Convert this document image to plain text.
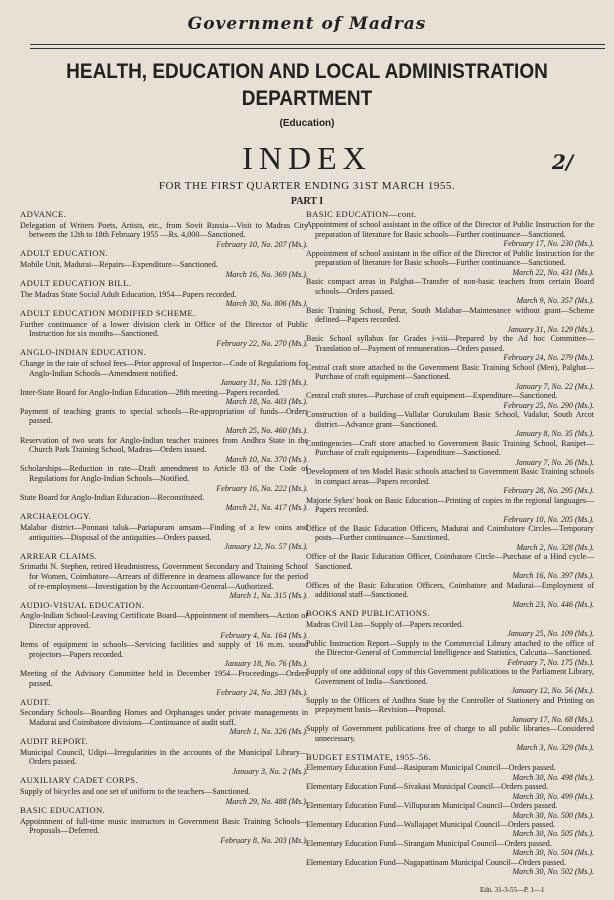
Government of Madras
HEALTH, EDUCATION AND LOCAL ADMINISTRATION
DEPARTMENT
(Education)
INDEX	2/
FOR THE FIRST QUARTER ENDING 31ST MARCH 1955.
PART I
ADVANCE.
Delegation of Writers Poets, Artists, etc., from Sovit Russia—Visit to Madras City between the 12th to 18th February 1955 —Rs. 4,000—Sanctioned.
February 10, No. 207 (Ms.).
ADULT EDUCATION.
Mobile Unit, Madurai—Repairs—Expenditure—Sanctioned.
March 16, No. 369 (Ms.).
ADULT EDUCATION BILL.
The Madras State Social Adult Education, 1954—Papers recorded.
March 30, No. 806 (Ms.).
ADULT EDUCATION MODIFIED SCHEME.
Further continuance of a lower division clerk in Office of the Director of Public Instruction for six months—Sanctioned.
February 22, No. 270 (Ms.).
ANGLO-INDIAN EDUCATION.
Change in the rate of school fees—Prior approval of Inspector—Code of Regulations for Anglo-Indian Schools—Amendment notified.
January 31, No. 128 (Ms.).
Inter-State Board for Anglo-Indian Education—28th meeting—Papers recorded.
March 18, No. 403 (Ms.).
Payment of teaching grants to special schools—Re-appropriation of funds—Orders passed.
March 25, No. 460 (Ms.).
Reservation of two seats for Anglo-Indian teacher trainees from Andhra State in the Church Park Training School, Madras—Orders issued.
March 10, No. 370 (Ms.).
Scholarships—Reduction in rate—Draft amendment to Article 83 of the Code of Regulations for Anglo-Indian Schools—Notified.
February 16, No. 222 (Ms.).
State Board for Anglo-Indian Education—Reconstituted.
March 21, No. 417 (Ms.).
ARCHAEOLOGY.
Malabar district—Ponnani taluk—Pariapuram amsam—Finding of a few coins and antiquities—Disposal of the antiquities—Orders passed.
January 12, No. 57 (Ms.).
ARREAR CLAIMS.
Srimathi N. Stephen, retired Headmistress, Government Secondary and Training School for Women, Coimbatore—Arrears of difference in dearness allowance for the period of re-employment—Investigation by the Accountant-General—Authorized.
March 1, No. 315 (Ms.).
AUDIO-VISUAL EDUCATION.
Anglo-Indian School-Leaving Certificate Board—Appointment of members—Action of Director approved.
February 4, No. 164 (Ms.).
Items of equipment in schools—Servicing facilities and supply of 16 m.m. sound projectors—Papers recorded.
January 18, No. 76 (Ms.).
Meeting of the Advisory Committee held in December 1954—Proceedings—Orders passed.
February 24, No. 283 (Ms.).
AUDIT.
Secondary Schools—Boarding Homes and Orphanages under private managements in Madurai and Coimbatore divisions—Continuance of audit staff.
March 1, No. 326 (Ms.).
AUDIT REPORT.
Municipal Council, Udipi—Irregularities in the accounts of the Municipal Library—Orders passed.
January 3, No. 2 (Ms.).
AUXILIARY CADET CORPS.
Supply of bicycles and one set of uniform to the teachers—Sanctioned.
March 29, No. 488 (Ms.).
BASIC EDUCATION.
Appointment of full-time music instructors in Government Basic Training Schools—Proposals—Deferred.
February 8, No. 203 (Ms.).
BASIC EDUCATION—cont.
Appointment of school assistant in the office of the Director of Public Instruction for the preparation of literature for Basic schools—Further continuance—Sanctioned.
February 17, No. 230 (Ms.).
Appointment of school assistant in the office of the Director of Public Instruction for the preparation of literature for Basic schools—Further continuance—Sanctioned.
March 22, No. 431 (Ms.).
Basic compact areas in Palghat—Transfer of non-basic teachers from certain Board schools—Orders passed.
March 9, No. 357 (Ms.).
Basic Training School, Perur, South Malabar—Maintenance without grant—Scheme defined—Papers recorded.
January 31, No. 129 (Ms.).
Basic School syllabus for Grades i-viii—Prepared by the Ad hoc Committee—Translation of—Payment of remuneration—Orders passed.
February 24, No. 279 (Ms.).
Central craft store attached to the Government Basic Training School (Men), Palghat—Purchase of craft equipment—Sanctioned.
January 7, No. 22 (Ms.).
Central craft stores—Purchase of craft equipment—Expenditure—Sanctioned.
February 25, No. 290 (Ms.).
Construction of a building—Vallalar Gurukulam Basic School, Vadalur, South Arcot district—Advance grant—Sanctioned.
January 8, No. 35 (Ms.).
Contingencies—Craft store attached to Government Basic Training School, Ranipet—Purchase of craft equipments—Expenditure—Sanctioned.
January 7, No. 26 (Ms.).
Development of ten Model Basic schools attached to Government Basic Training schools in compact areas—Papers recorded.
February 28, No. 295 (Ms.).
Majorie Sykes' book on Basic Education—Printing of copies in the regional languages—Papers recorded.
February 10, No. 205 (Ms.).
Office of the Basic Education Officers, Madurai and Coimbatore Circles—Temporary posts—Further continuance—Sanctioned.
March 2, No. 328 (Ms.).
Office of the Basic Education Officer, Coimbatore Circle—Purchase of a Hind cycle—Sanctioned.
March 16, No. 397 (Ms.).
Offices of the Basic Education Officers, Coimbatore and Madurai—Employment of additional staff—Sanctioned.
March 23, No. 446 (Ms.).
BOOKS AND PUBLICATIONS.
Madras Civil List—Supply of—Papers recorded.
January 25, No. 109 (Ms.).
Public Instruction Report—Supply to the Commercial Library attached to the office of the Director-General of Commercial Intelligence and Statistics, Calcutta—Sanctioned.
February 7, No. 175 (Ms.).
Supply of one additional copy of this Government publications to the Parliament Library, Government of India—Sanctioned.
January 12, No. 56 (Ms.).
Supply to the Officers of Andhra State by the Controller of Stationery and Printing on prepayment basis—Revision—Proposal.
January 17, No. 68 (Ms.).
Supply of Government publications free of charge to all public libraries—Considered unnecessary.
March 3, No. 329 (Ms.).
BUDGET ESTIMATE, 1955–56.
Elementary Education Fund—Rasipuram Municipal Council—Orders passed.
March 30, No. 498 (Ms.).
Elementary Education Fund—Sivakasi Municipal Council—Orders passed.
March 30, No. 499 (Ms.).
Elementary Education Fund—Villupuram Municipal Council—Orders passed.
March 30, No. 500 (Ms.).
Elementary Education Fund—Wallajapet Municipal Council—Orders passed.
March 30, No. 505 (Ms.).
Elementary Education Fund—Sirangam Municipal Council—Orders passed.
March 30, No. 504 (Ms.).
Elementary Education Fund—Nagapattinam Municipal Council—Orders passed.
March 30, No. 502 (Ms.).
Edn. 31-3-55—P. 1—1
